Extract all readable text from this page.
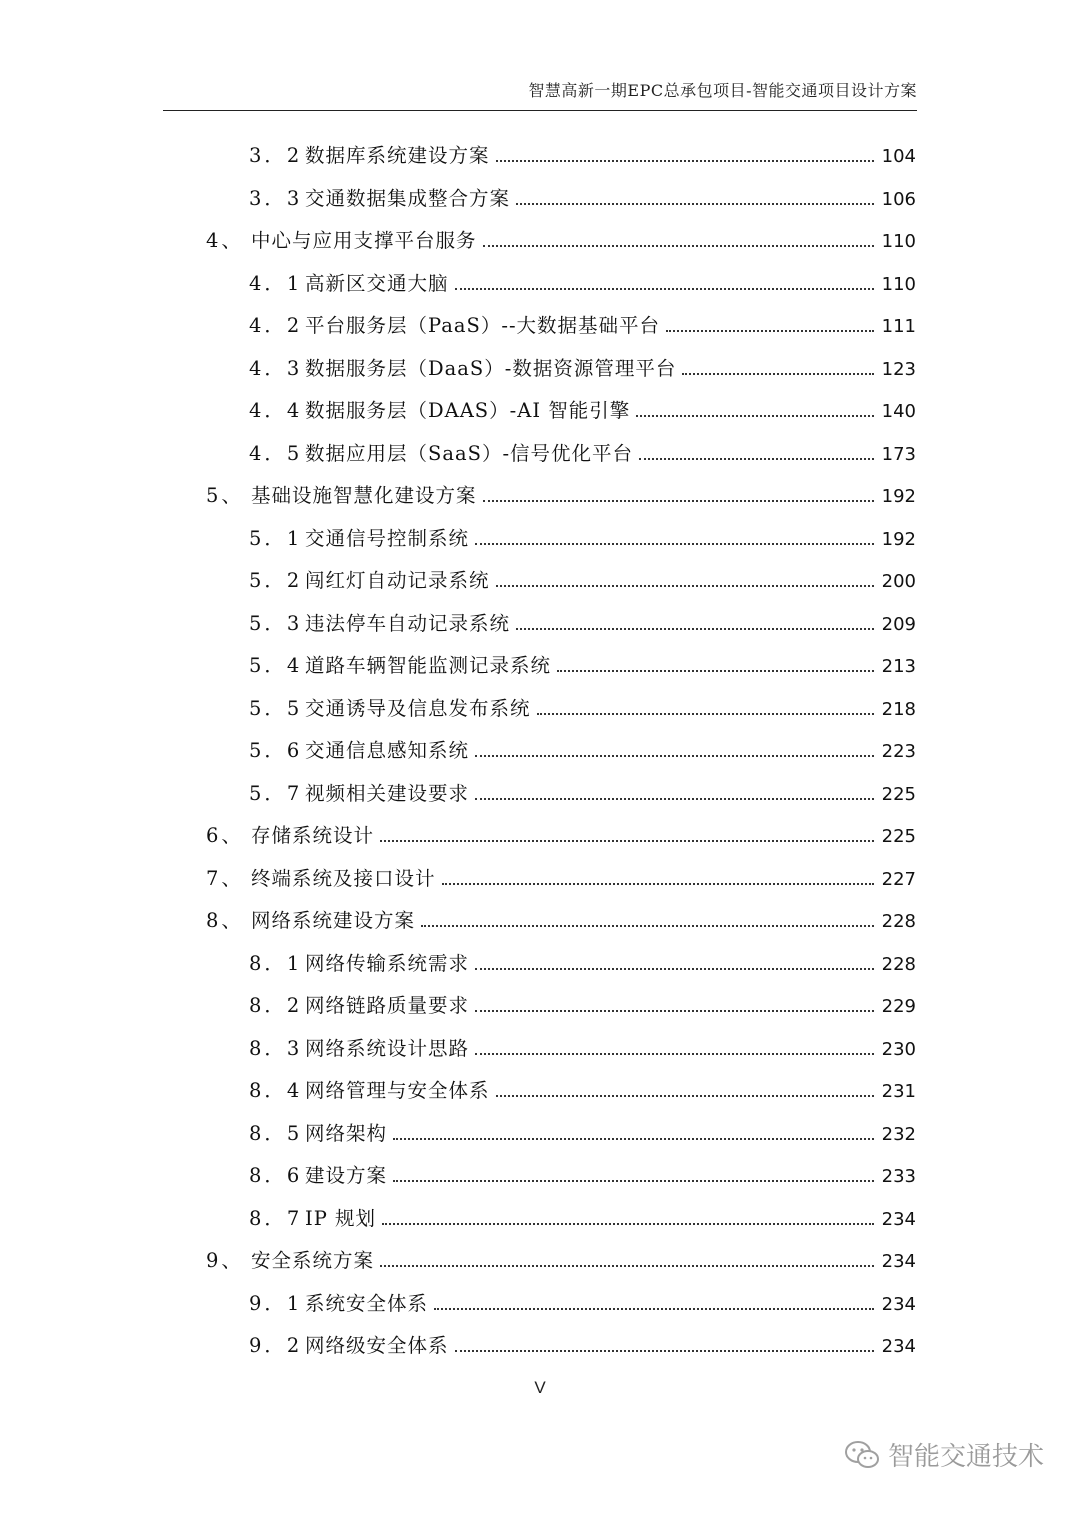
智慧高新一期EPC总承包项目-智能交通项目设计方案
3．2 数据库系统建设方案	104
3．3 交通数据集成整合方案	106
4、 中心与应用支撑平台服务	110
4．1 高新区交通大脑	110
4．2 平台服务层（PaaS）--大数据基础平台	111
4．3 数据服务层（DaaS）-数据资源管理平台	123
4．4 数据服务层（DAAS）-AI 智能引擎	140
4．5 数据应用层（SaaS）-信号优化平台	173
5、 基础设施智慧化建设方案	192
5．1 交通信号控制系统	192
5．2 闯红灯自动记录系统	200
5．3 违法停车自动记录系统	209
5．4 道路车辆智能监测记录系统	213
5．5 交通诱导及信息发布系统	218
5．6 交通信息感知系统	223
5．7 视频相关建设要求	225
6、 存储系统设计	225
7、 终端系统及接口设计	227
8、 网络系统建设方案	228
8．1 网络传输系统需求	228
8．2 网络链路质量要求	229
8．3 网络系统设计思路	230
8．4 网络管理与安全体系	231
8．5 网络架构	232
8．6 建设方案	233
8．7 IP 规划	234
9、 安全系统方案	234
9．1 系统安全体系	234
9．2 网络级安全体系	234
V
智能交通技术
